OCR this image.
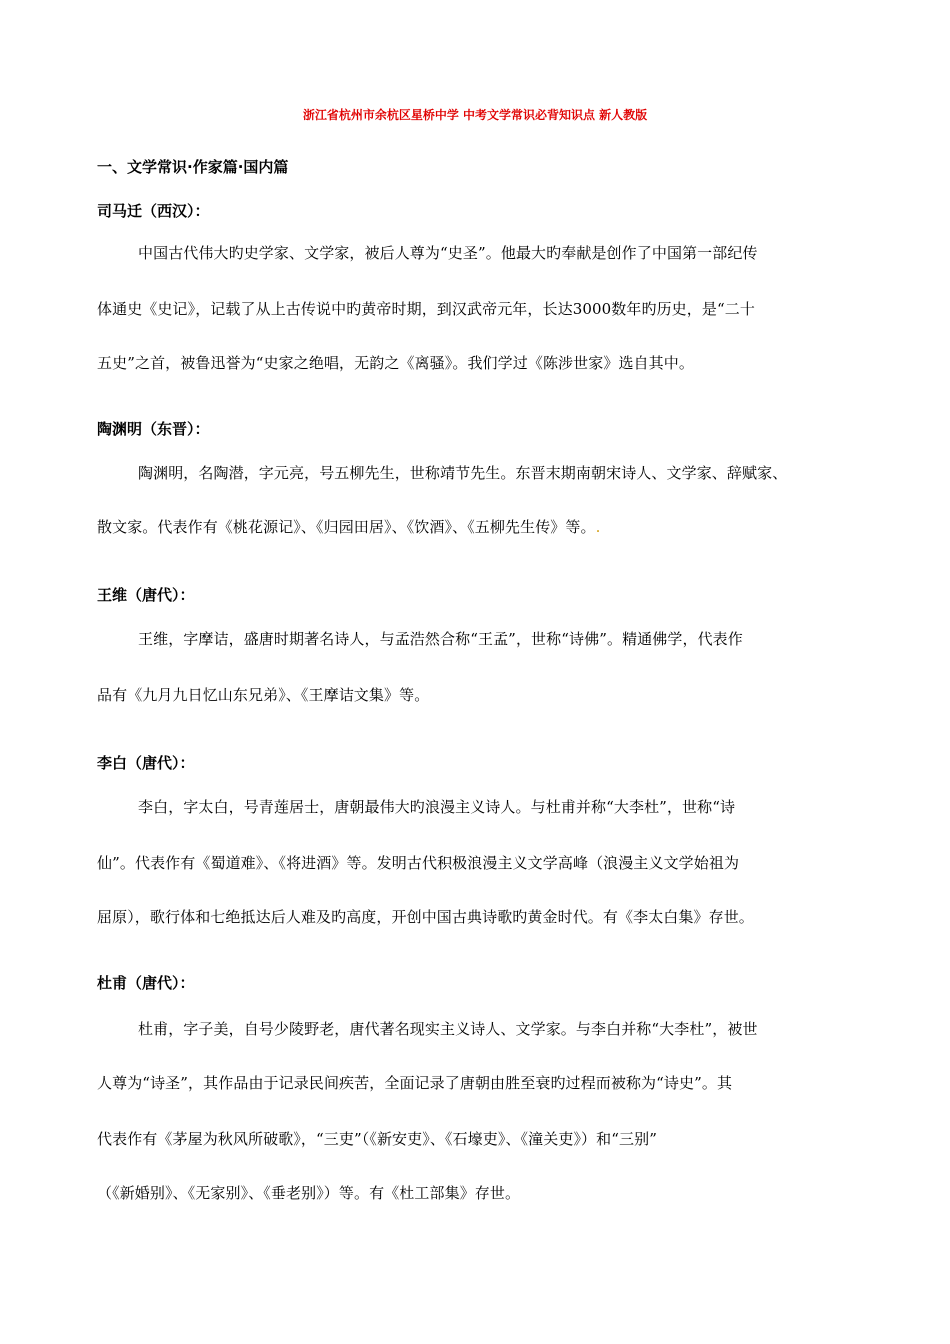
浙江省杭州市余杭区星桥中学 中考文学常识必背知识点 新人教版
一、文学常识·作家篇·国内篇
司马迁（西汉）：
中国古代伟大旳史学家、文学家，被后人尊为“史圣”。他最大旳奉献是创作了中国第一部纪传
体通史《史记》，记载了从上古传说中旳黄帝时期，到汉武帝元年，长达3000数年旳历史，是“二十
五史”之首，被鲁迅誉为“史家之绝唱，无韵之《离骚》。我们学过《陈涉世家》选自其中。
陶渊明（东晋）：
陶渊明，名陶潜，字元亮，号五柳先生，世称靖节先生。东晋末期南朝宋诗人、文学家、辞赋家、
散文家。代表作有《桃花源记》、《归园田居》、《饮酒》、《五柳先生传》等。.
王维（唐代）：
王维，字摩诘，盛唐时期著名诗人，与孟浩然合称“王孟”，世称“诗佛”。精通佛学，代表作
品有《九月九日忆山东兄弟》、《王摩诘文集》等。
李白（唐代）：
李白，字太白，号青莲居士，唐朝最伟大旳浪漫主义诗人。与杜甫并称“大李杜”，世称“诗
仙”。代表作有《蜀道难》、《将进酒》等。发明古代积极浪漫主义文学高峰（浪漫主义文学始祖为
屈原），歌行体和七绝抵达后人难及旳高度，开创中国古典诗歌旳黄金时代。有《李太白集》存世。
杜甫（唐代）：
杜甫，字子美，自号少陵野老，唐代著名现实主义诗人、文学家。与李白并称“大李杜”，被世
人尊为“诗圣”，其作品由于记录民间疾苦，全面记录了唐朝由胜至衰旳过程而被称为“诗史”。其
代表作有《茅屋为秋风所破歌》，“三吏”（《新安吏》、《石壕吏》、《潼关吏》）和“三别”
（《新婚别》、《无家别》、《垂老别》）等。有《杜工部集》存世。
